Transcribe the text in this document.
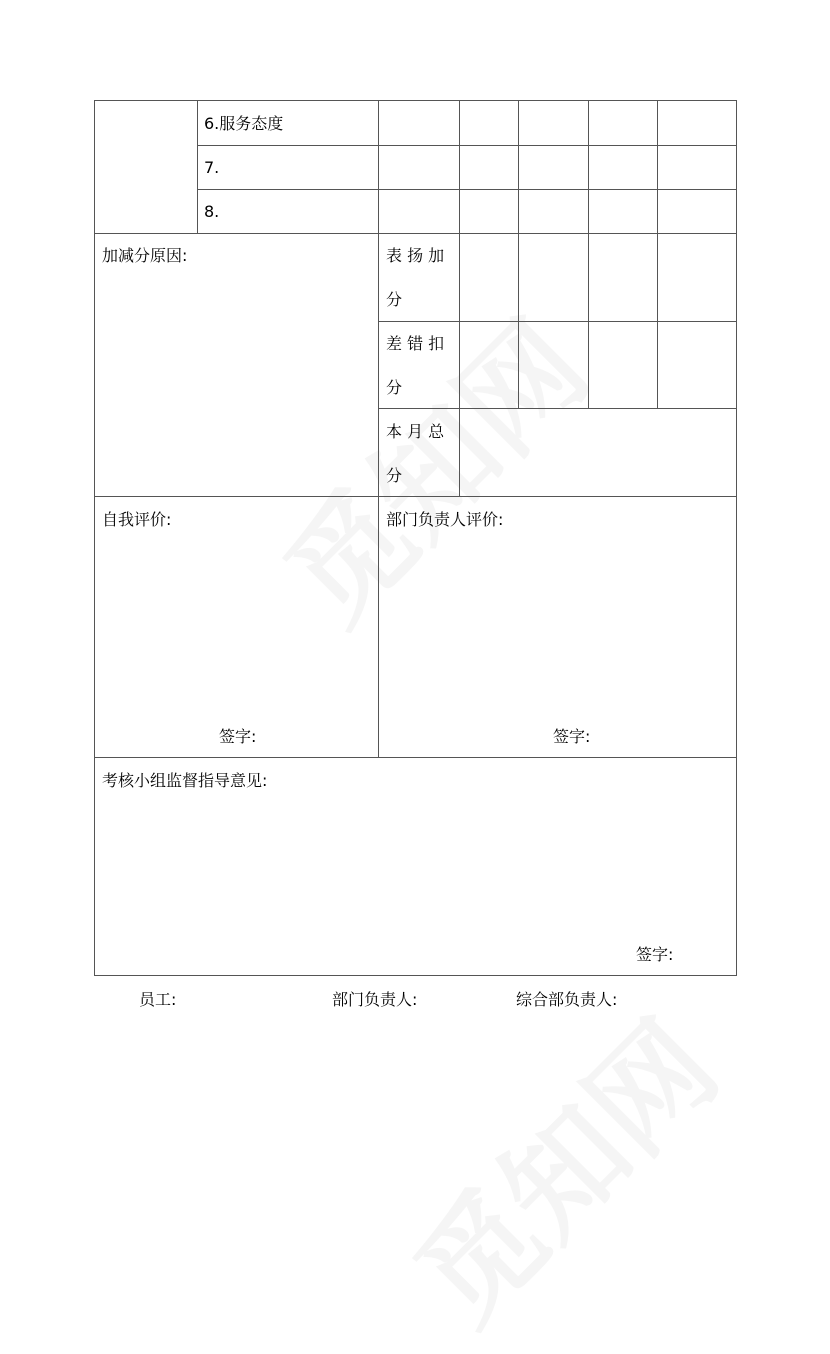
6.服务态度
7.
8.
加减分原因:	表 扬 加
分
差 错 扣
分
本 月 总
分
自我评价:
签字:
部门负责人评价:
签字:
考核小组监督指导意见:
签字:
员工:	部门负责人:	综合部负责人:
